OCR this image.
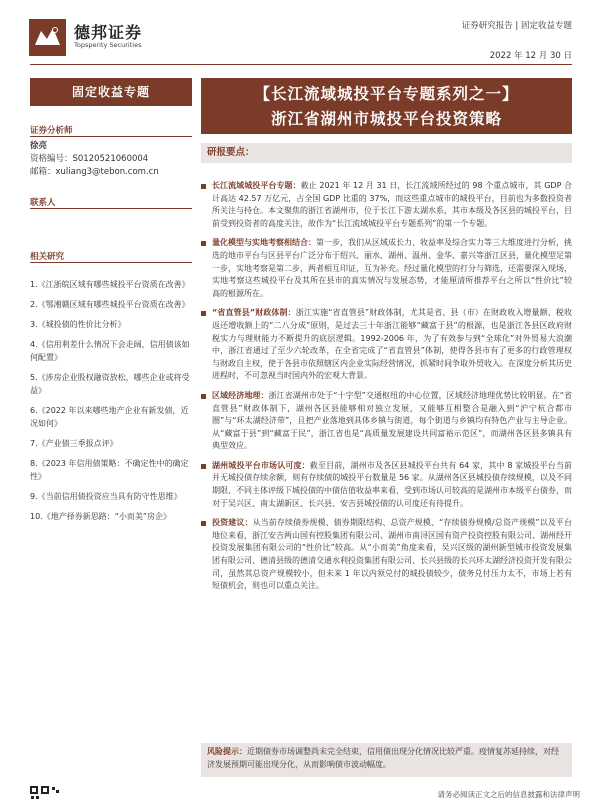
德邦证券
Topsperity Securities
证券研究报告 | 固定收益专题
2022 年 12 月 30 日
固定收益专题	【长江流域城投平台专题系列之一】
浙江省湖州市城投平台投资策略
证券分析师
徐亮
资格编号：S0120521060004
邮箱：xuliang3@tebon.com.cn
联系人
相关研究
1.《江浙皖区域有哪些城投平台资质在改善》
2.《鄂湘赣区域有哪些城投平台资质在改善》
3.《城投债的性价比分析》
4.《信用利差什么情况下会走阔，信用债该如何配置》
5.《涉房企业股权融资放松，哪些企业或将受益》
6.《2022 年以来哪些地产企业有新发债，近况如何》
7.《产业债三季报点评》
8.《2023 年信用债策略：不确定性中的确定性》
9.《当前信用债投资应当具有防守性思维》
10.《地产择券新思路：“小而美”房企》
研报要点：
长江流域城投平台专题：截止 2021 年 12 月 31 日，长江流域所经过的 98 个重点城市，其 GDP 合计高达 42.57 万亿元，占全国 GDP 比重的 37%，而这些重点城市的城投平台，目前也为多数投资者所关注与持仓。本文聚焦的浙江省湖州市，位于长江下游太湖水系，其市本级及各区县的城投平台，目前受到投资者的高度关注，故作为“长江流域城投平台专题系列”的第一个专题。
量化模型与实地考察相结合：第一步，我们从区域成长力、收益率及综合实力等三大维度进行分析，挑选的地市平台与区县平台广泛分布于绍兴、丽水、湖州、温州、金华、嘉兴等浙江区县，量化模型足第一步，实地考察是第二步，两者相互印证，互为补充。经过量化模型的打分与筛选，还需要深入现场，实地考察这些城投平台及其所在县市的真实情况与发展态势，才能厘清所推荐平台之所以“性价比”较高的根源所在。
“省直管县”财政体制：浙江实施“省直管县”财政体制，尤其是省、县（市）在财政收入增量额、税收返还增收额上的“二八分成”原则，是过去三十年浙江能够“藏富于县”的根源，也是浙江各县区政府财税实力与理财能力不断提升的底层逻辑。1992-2006 年，为了有效参与到“全球化”对外贸易大浪潮中，浙江省通过了至少六轮改革，在全省完成了“省直管县”体制，使得各县市有了更多的行政管理权与财政自主权，使于各县市依照辖区内企业实际经营情况，抓紧时间争取外贸收入。在深度分析其历史进程时，不可忽视当时国内外的宏观大背景。
区域经济地理：浙江省湖州市处于“十字型”交通枢纽的中心位置，区域经济地理优势比较明显。在“省直管县”财政体制下，湖州各区县能够相对独立发展，又能够互相整合是融入到“沪宁杭合都市圈”与“环太湖经济带”，且把产业落地到具体乡镇与街道，每个街道与乡镇均有特色产业与主导企业。从“藏富于县”到“藏富于民”，浙江省也是“高质量发展建设共同富裕示范区”，而湖州各区县多镇具有典型效应。
湖州城投平台市场认可度：截至目前，湖州市及各区县城投平台共有 64 家，其中 8 家城投平台当前并无城投债存续余额，则有存续债的城投平台数量是 56 家。从湖州各区县城投债存续规模，以及不同期限、不同主体评级下城投债的中债估值收益率来看，受到市场认可较高的是湖州市本级平台债券，而对于吴兴区、南太湖新区、长兴县、安吉县城投债的认可度还有待提升。
投资建议：从当前存续债券规模、债券期限结构、总资产规模、“存续债券规模/总资产规模”以及平台地位来看，浙江安吉两山国有控股集团有限公司、湖州市南浔区国有资产投资控股有限公司、湖州经开投资发展集团有限公司的“性价比”较高。从“小而美”角度来看，吴兴区级的湖州新型城市投资发展集团有限公司、德清县级的德清交通水利投资集团有限公司、长兴县级的长兴环太湖经济投资开发有限公司，虽然其总资产规模较小，但未来 1 年以内须兑付的城投债较少，债务兑付压力太不，市场上若有短债机会，则也可以重点关注。
风险提示：近期债券市场调整尚未完全结束，信用债出现分化情况比较严重。疫情复苏延持续，对经济发展预期可能出现分化，从而影响债市波动幅度。
请务必阅读正文之后的信息披露和法律声明
